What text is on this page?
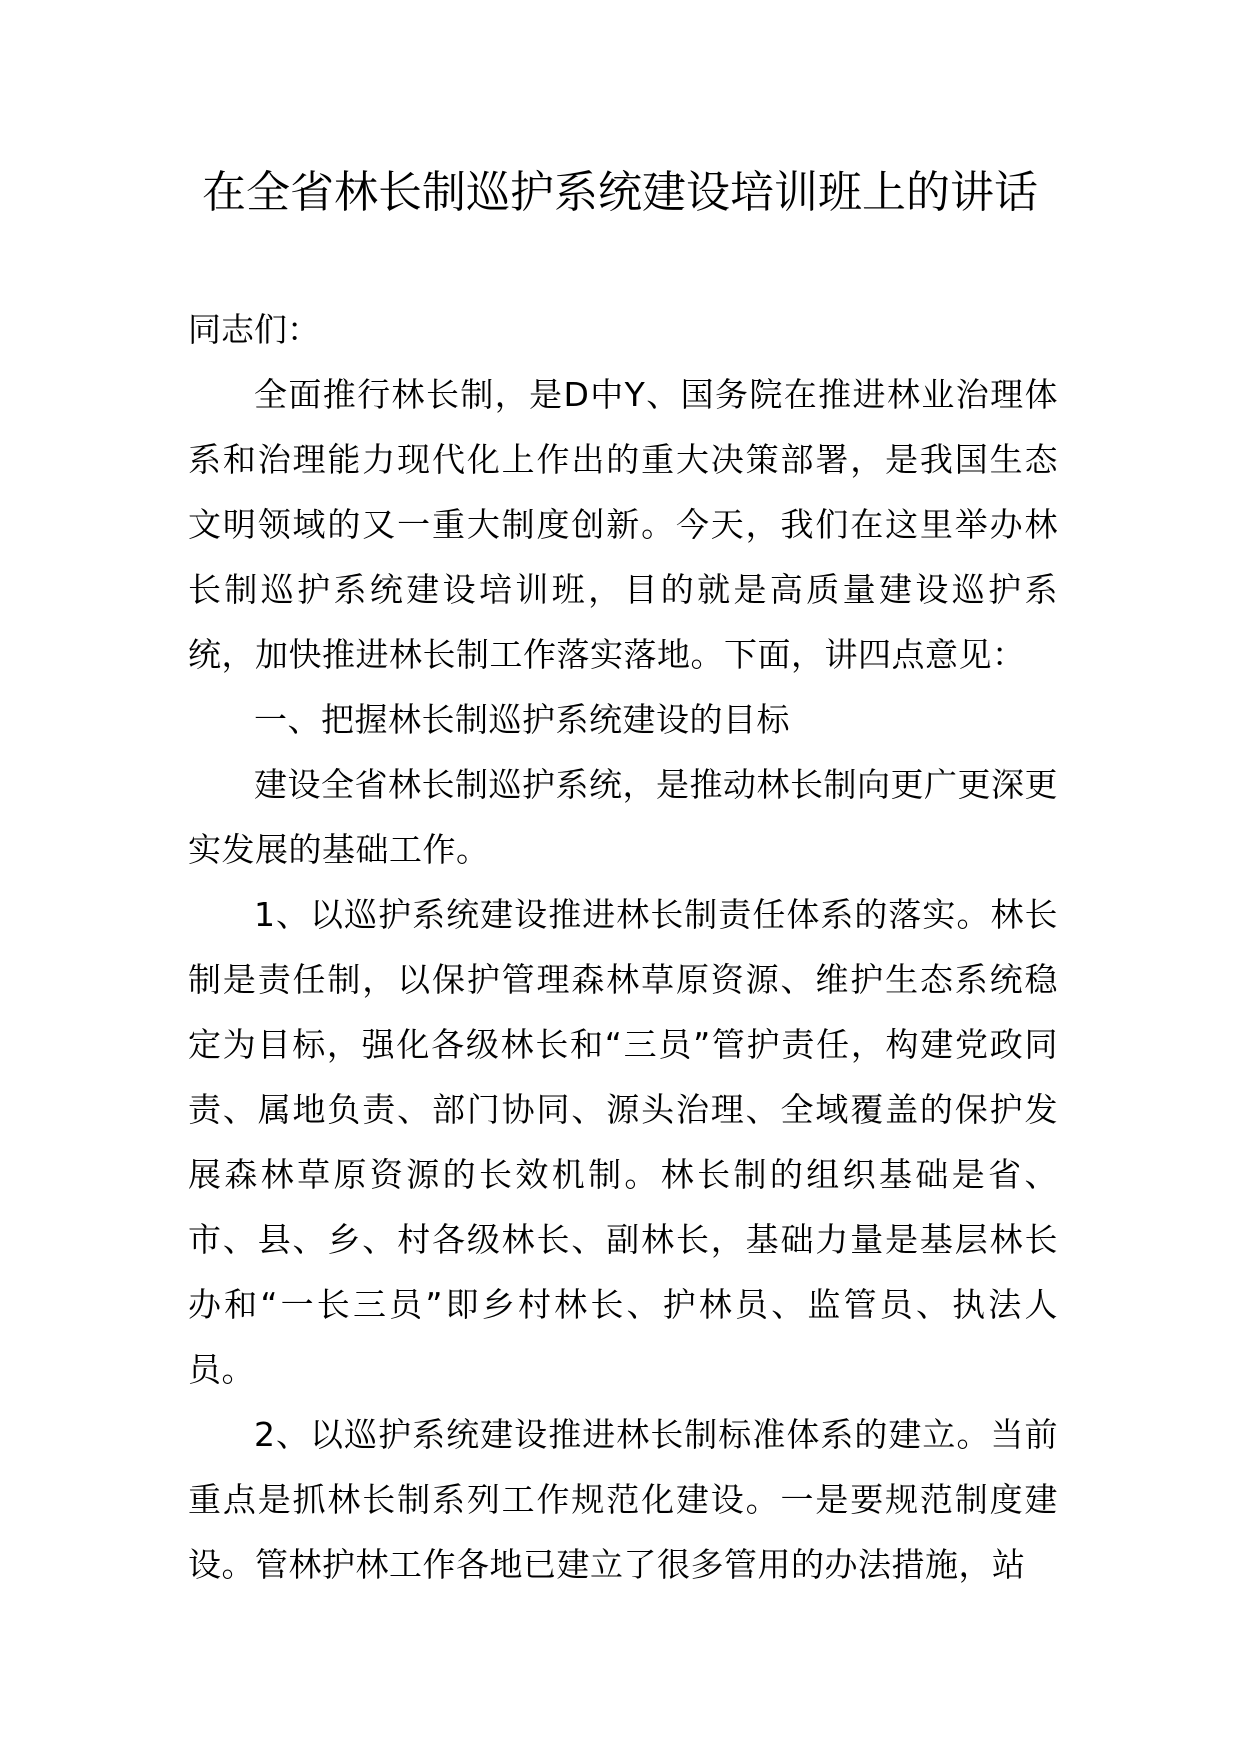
在全省林长制巡护系统建设培训班上的讲话

同志们：

全面推行林长制，是D中Y、国务院在推进林业治理体系和治理能力现代化上作出的重大决策部署，是我国生态文明领域的又一重大制度创新。今天，我们在这里举办林长制巡护系统建设培训班，目的就是高质量建设巡护系统，加快推进林长制工作落实落地。下面，讲四点意见：

一、把握林长制巡护系统建设的目标

建设全省林长制巡护系统，是推动林长制向更广更深更实发展的基础工作。

1、以巡护系统建设推进林长制责任体系的落实。林长制是责任制，以保护管理森林草原资源、维护生态系统稳定为目标，强化各级林长和“三员”管护责任，构建党政同责、属地负责、部门协同、源头治理、全域覆盖的保护发展森林草原资源的长效机制。林长制的组织基础是省、市、县、乡、村各级林长、副林长，基础力量是基层林长办和“一长三员”即乡村林长、护林员、监管员、执法人员。

2、以巡护系统建设推进林长制标准体系的建立。当前重点是抓林长制系列工作规范化建设。一是要规范制度建设。管林护林工作各地已建立了很多管用的办法措施，站
